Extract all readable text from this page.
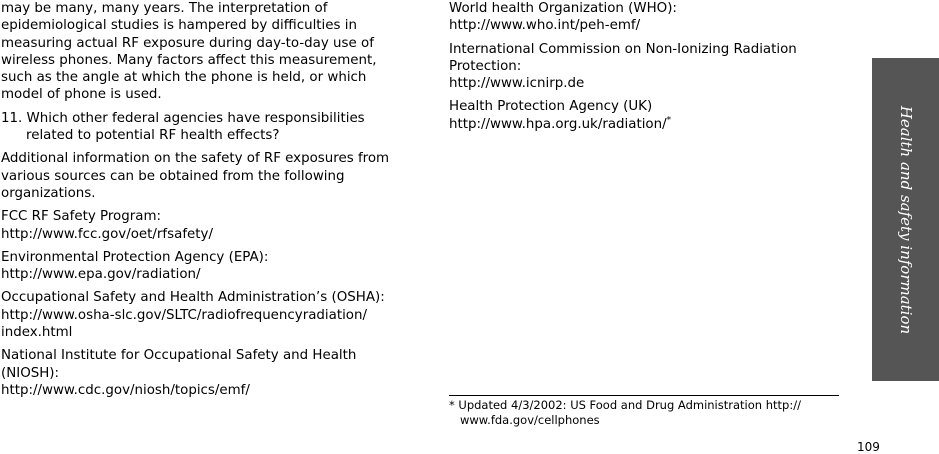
may be many, many years. The interpretation of
epidemiological studies is hampered by difficulties in
measuring actual RF exposure during day-to-day use of
wireless phones. Many factors affect this measurement,
such as the angle at which the phone is held, or which
model of phone is used.

11. Which other federal agencies have responsibilities
related to potential RF health effects?

Additional information on the safety of RF exposures from
various sources can be obtained from the following
organizations.

FCC RF Safety Program:
http://www.fcc.gov/oet/rfsafety/

Environmental Protection Agency (EPA):
http://www.epa.gov/radiation/

Occupational Safety and Health Administration’s (OSHA):
http://www.osha-slc.gov/SLTC/radiofrequencyradiation/
index.html

National Institute for Occupational Safety and Health
(NIOSH):
http://www.cdc.gov/niosh/topics/emf/

World health Organization (WHO):
http://www.who.int/peh-emf/

International Commission on Non-Ionizing Radiation
Protection:
http://www.icnirp.de

Health Protection Agency (UK)
http://www.hpa.org.uk/radiation/*

* Updated 4/3/2002: US Food and Drug Administration http://
www.fda.gov/cellphones
Health and safety information
109
